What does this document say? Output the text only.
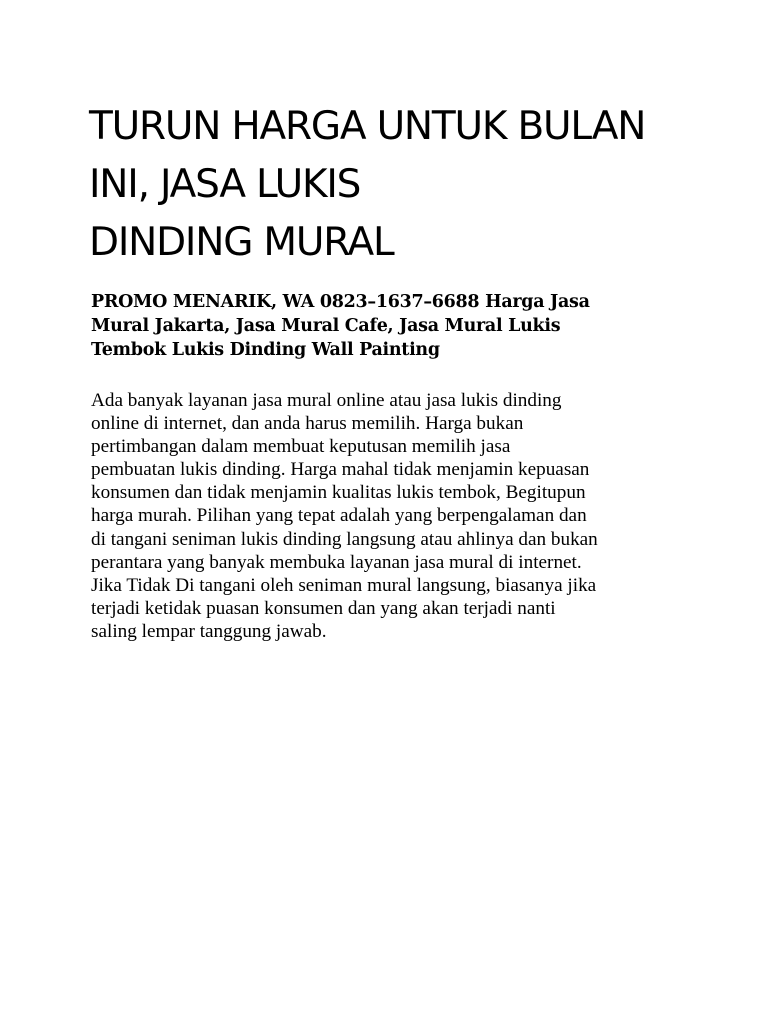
TURUN HARGA UNTUK BULAN
INI, JASA LUKIS
DINDING MURAL
PROMO MENARIK, WA 0823–1637–6688 Harga Jasa
Mural Jakarta, Jasa Mural Cafe, Jasa Mural Lukis
Tembok Lukis Dinding Wall Painting

Ada banyak layanan jasa mural online atau jasa lukis dinding
online di internet, dan anda harus memilih. Harga bukan
pertimbangan dalam membuat keputusan memilih jasa
pembuatan lukis dinding. Harga mahal tidak menjamin kepuasan
konsumen dan tidak menjamin kualitas lukis tembok, Begitupun
harga murah. Pilihan yang tepat adalah yang berpengalaman dan
di tangani seniman lukis dinding langsung atau ahlinya dan bukan
perantara yang banyak membuka layanan jasa mural di internet.
Jika Tidak Di tangani oleh seniman mural langsung, biasanya jika
terjadi ketidak puasan konsumen dan yang akan terjadi nanti
saling lempar tanggung jawab.
